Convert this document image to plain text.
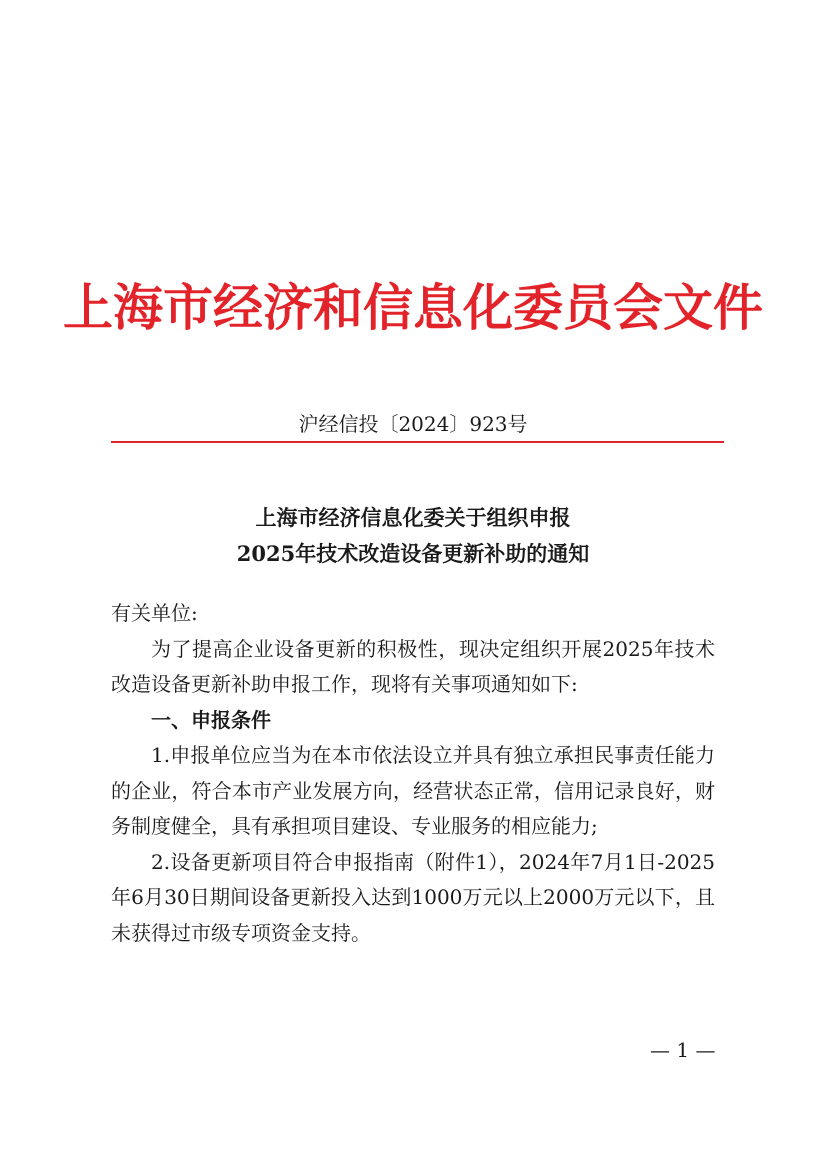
上海市经济和信息化委员会文件
沪经信投〔2024〕923号
上海市经济信息化委关于组织申报
2025年技术改造设备更新补助的通知

有关单位:

为了提高企业设备更新的积极性，现决定组织开展2025年技术改造设备更新补助申报工作，现将有关事项通知如下:

一、申报条件

1.申报单位应当为在本市依法设立并具有独立承担民事责任能力的企业，符合本市产业发展方向，经营状态正常，信用记录良好，财务制度健全，具有承担项目建设、专业服务的相应能力;

2.设备更新项目符合申报指南（附件1），2024年7月1日-2025年6月30日期间设备更新投入达到1000万元以上2000万元以下，且未获得过市级专项资金支持。

— 1 —
